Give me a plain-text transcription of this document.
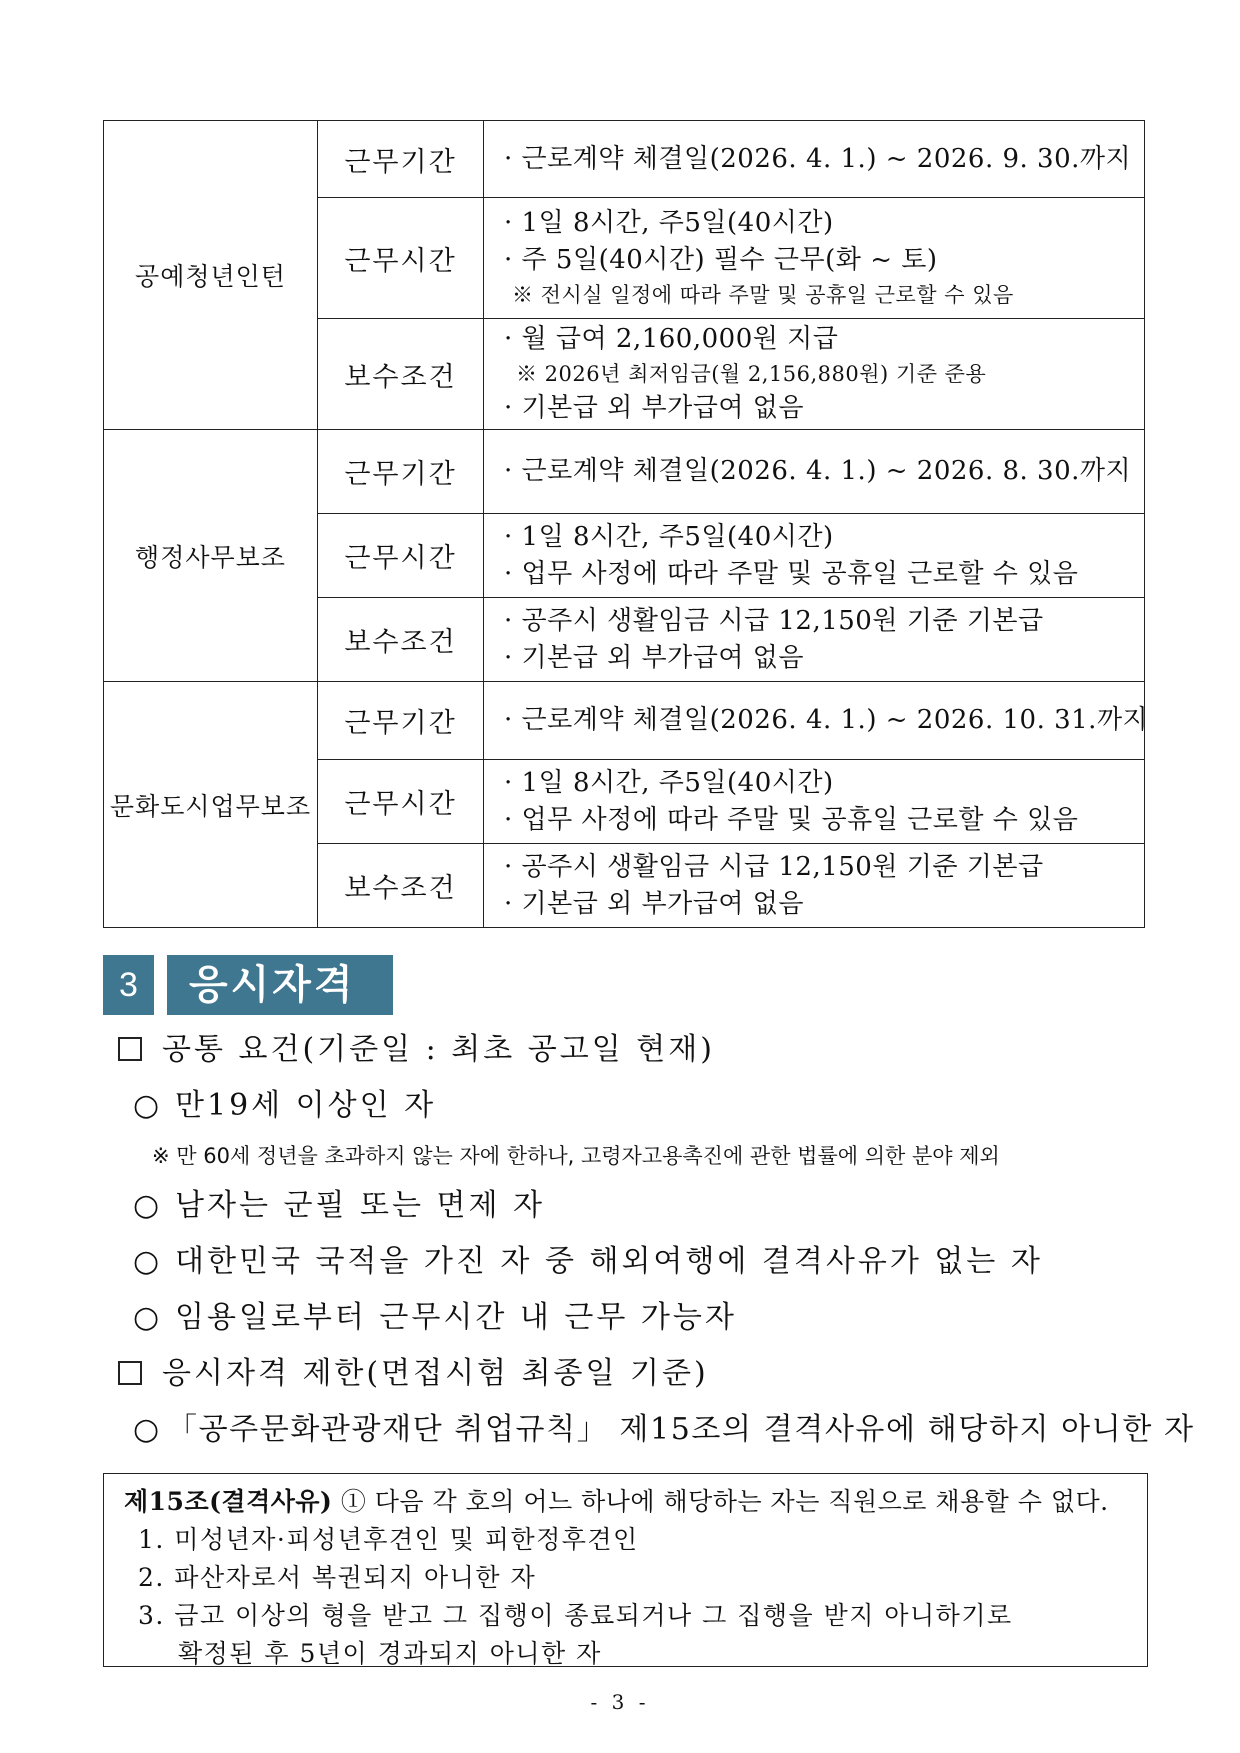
공예청년인턴	근무기간	· 근로계약 체결일(2026. 4. 1.) ~ 2026. 9. 30.까지

	근무시간	· 1일 8시간, 주5일(40시간)
· 주 5일(40시간) 필수 근무(화 ~ 토)
※ 전시실 일정에 따라 주말 및 공휴일 근로할 수 있음

	보수조건	· 월 급여 2,160,000원 지급
※ 2026년 최저임금(월 2,156,880원) 기준 준용
· 기본급 외 부가급여 없음

행정사무보조	근무기간	· 근로계약 체결일(2026. 4. 1.) ~ 2026. 8. 30.까지

	근무시간	· 1일 8시간, 주5일(40시간)
· 업무 사정에 따라 주말 및 공휴일 근로할 수 있음

	보수조건	· 공주시 생활임금 시급 12,150원 기준 기본급
· 기본급 외 부가급여 없음

문화도시업무보조	근무기간	· 근로계약 체결일(2026. 4. 1.) ~ 2026. 10. 31.까지

	근무시간	· 1일 8시간, 주5일(40시간)
· 업무 사정에 따라 주말 및 공휴일 근로할 수 있음

	보수조건	· 공주시 생활임금 시급 12,150원 기준 기본급
· 기본급 외 부가급여 없음
3	응시자격
공통 요건(기준일 : 최초 공고일 현재)
○ 만19세 이상인 자
※ 만 60세 정년을 초과하지 않는 자에 한하나, 고령자고용촉진에 관한 법률에 의한 분야 제외
○ 남자는 군필 또는 면제 자
○ 대한민국 국적을 가진 자 중 해외여행에 결격사유가 없는 자
○ 임용일로부터 근무시간 내 근무 가능자
응시자격 제한(면접시험 최종일 기준)
○ 「공주문화관광재단 취업규칙」 제15조의 결격사유에 해당하지 아니한 자
제15조(결격사유) ① 다음 각 호의 어느 하나에 해당하는 자는 직원으로 채용할 수 없다.
1. 미성년자·피성년후견인 및 피한정후견인
2. 파산자로서 복권되지 아니한 자
3. 금고 이상의 형을 받고 그 집행이 종료되거나 그 집행을 받지 아니하기로
확정된 후 5년이 경과되지 아니한 자
- 3 -
